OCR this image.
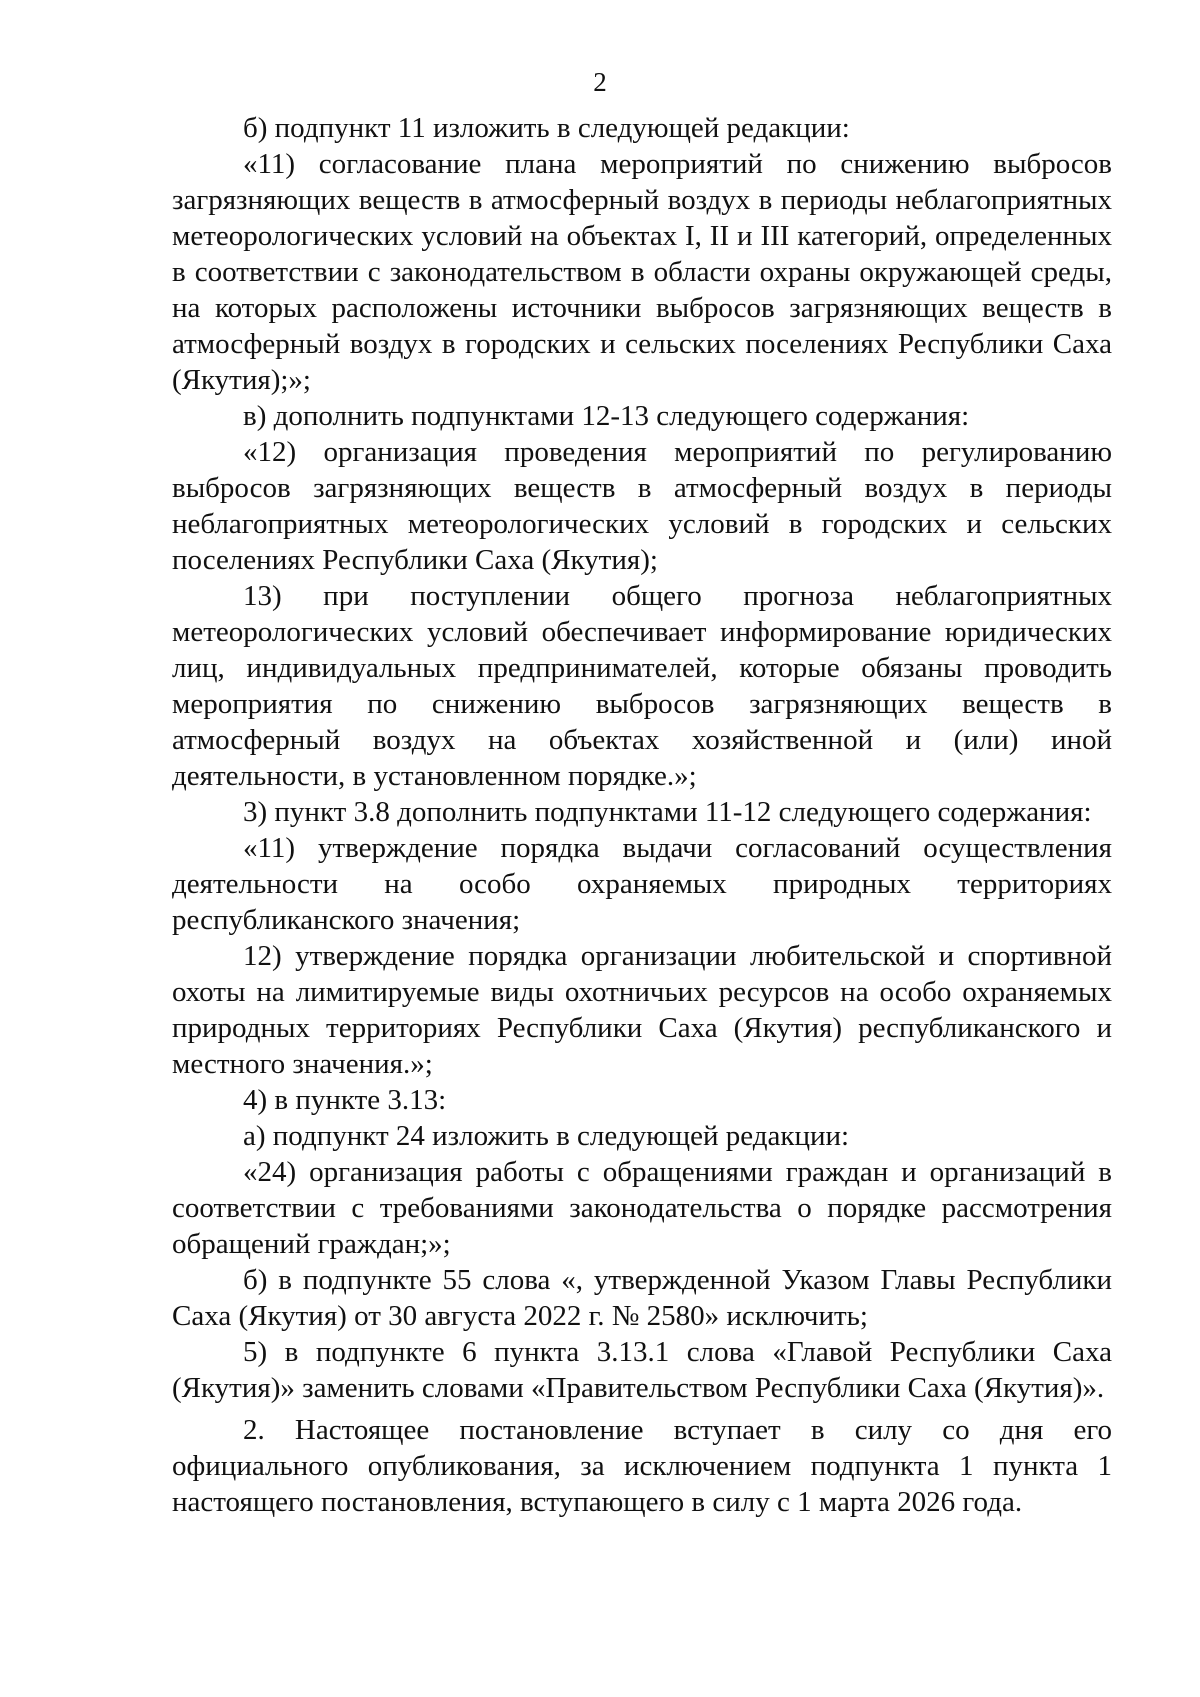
2

б) подпункт 11 изложить в следующей редакции:

«11) согласование плана мероприятий по снижению выбросов загрязняющих веществ в атмосферный воздух в периоды неблагоприятных метеорологических условий на объектах I, II и III категорий, определенных в соответствии с законодательством в области охраны окружающей среды, на которых расположены источники выбросов загрязняющих веществ в атмосферный воздух в городских и сельских поселениях Республики Саха (Якутия);»;

в) дополнить подпунктами 12-13 следующего содержания:

«12) организация проведения мероприятий по регулированию выбросов загрязняющих веществ в атмосферный воздух в периоды неблагоприятных метеорологических условий в городских и сельских поселениях Республики Саха (Якутия);

13) при поступлении общего прогноза неблагоприятных метеорологических условий обеспечивает информирование юридических лиц, индивидуальных предпринимателей, которые обязаны проводить мероприятия по снижению выбросов загрязняющих веществ в атмосферный воздух на объектах хозяйственной и (или) иной деятельности, в установленном порядке.»;

3) пункт 3.8 дополнить подпунктами 11-12 следующего содержания:

«11) утверждение порядка выдачи согласований осуществления деятельности на особо охраняемых природных территориях республиканского значения;

12) утверждение порядка организации любительской и спортивной охоты на лимитируемые виды охотничьих ресурсов на особо охраняемых природных территориях Республики Саха (Якутия) республиканского и местного значения.»;

4) в пункте 3.13:

а) подпункт 24 изложить в следующей редакции:

«24) организация работы с обращениями граждан и организаций в соответствии с требованиями законодательства о порядке рассмотрения обращений граждан;»;

б) в подпункте 55 слова «, утвержденной Указом Главы Республики Саха (Якутия) от 30 августа 2022 г. № 2580» исключить;

5) в подпункте 6 пункта 3.13.1 слова «Главой Республики Саха (Якутия)» заменить словами «Правительством Республики Саха (Якутия)».

2. Настоящее постановление вступает в силу со дня его официального опубликования, за исключением подпункта 1 пункта 1 настоящего постановления, вступающего в силу с 1 марта 2026 года.
